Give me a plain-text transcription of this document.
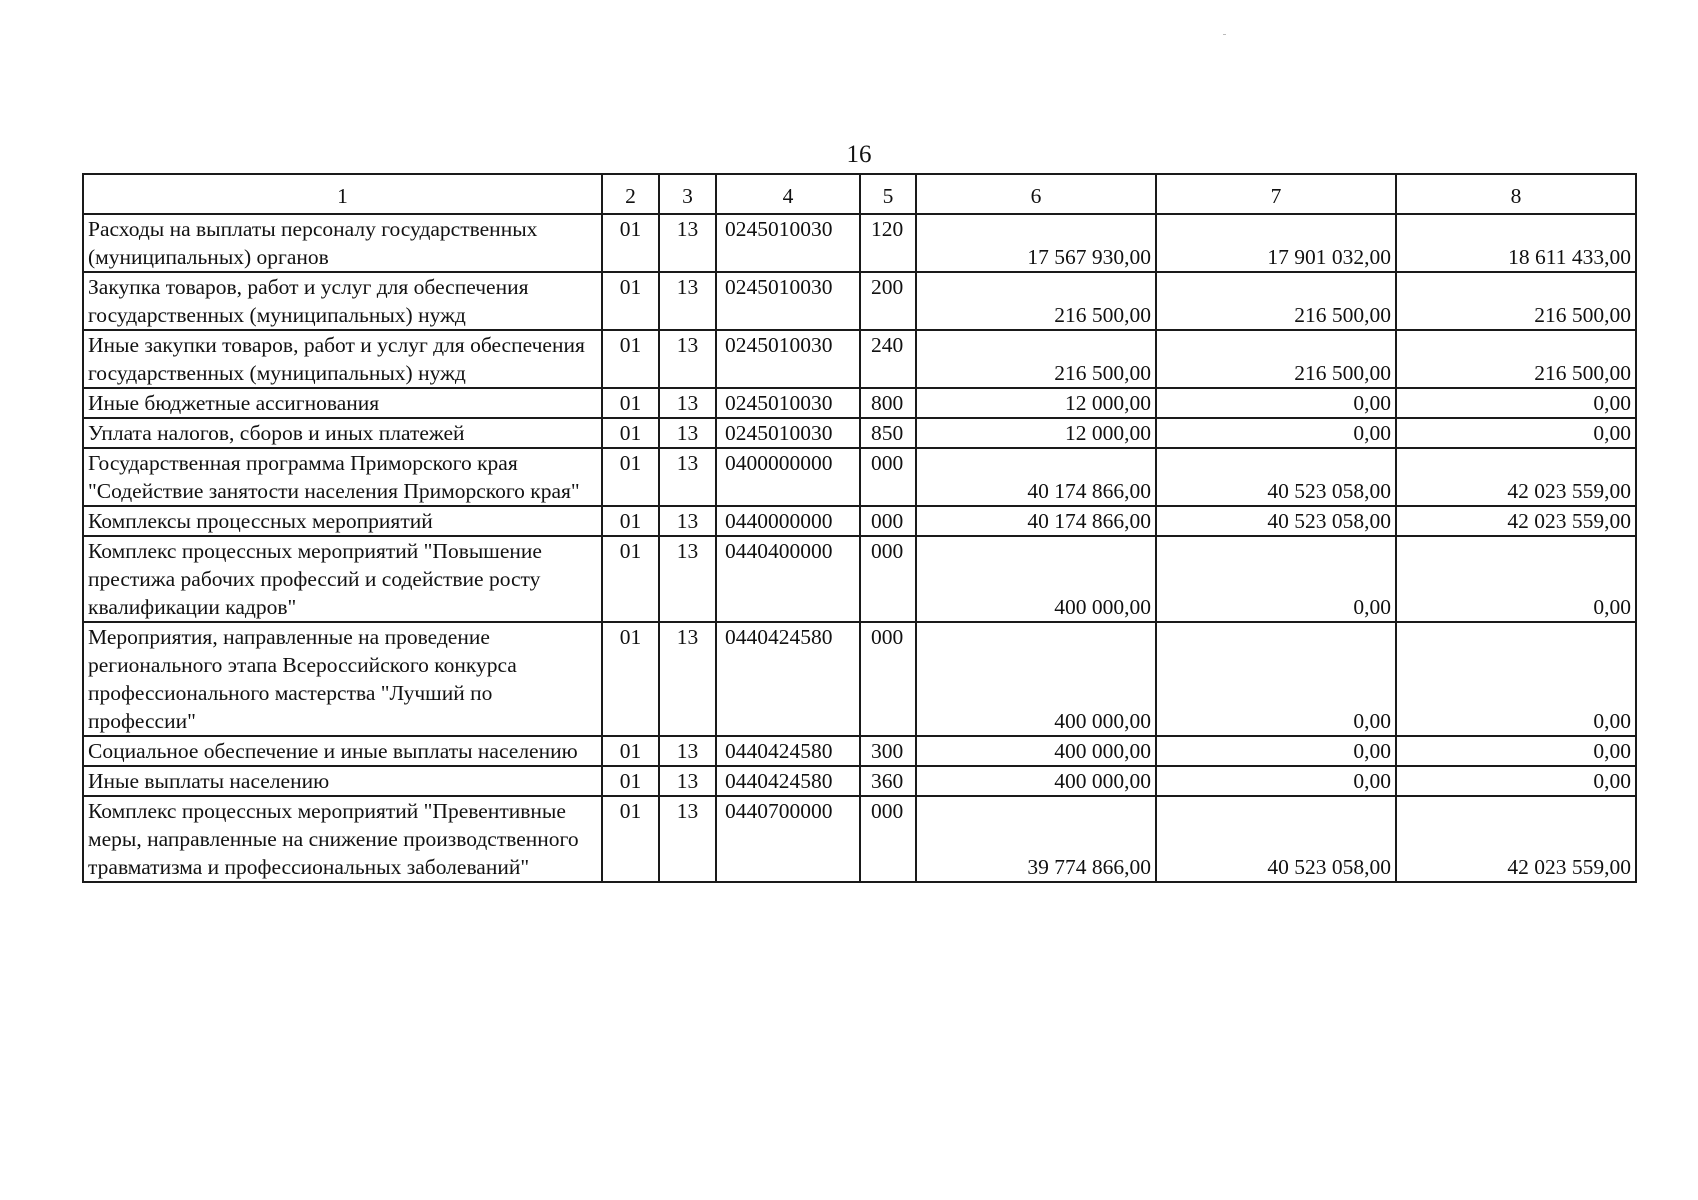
16
1	2	3	4	5	6	7	8
Расходы на выплаты персоналу государственных (муниципальных) органов	01	13	0245010030	120	17 567 930,00	17 901 032,00	18 611 433,00
Закупка товаров, работ и услуг для обеспечения государственных (муниципальных) нужд	01	13	0245010030	200	216 500,00	216 500,00	216 500,00
Иные закупки товаров, работ и услуг для обеспечения государственных (муниципальных) нужд	01	13	0245010030	240	216 500,00	216 500,00	216 500,00
Иные бюджетные ассигнования	01	13	0245010030	800	12 000,00	0,00	0,00
Уплата налогов, сборов и иных платежей	01	13	0245010030	850	12 000,00	0,00	0,00
Государственная программа Приморского края "Содействие занятости населения Приморского края"	01	13	0400000000	000	40 174 866,00	40 523 058,00	42 023 559,00
Комплексы процессных мероприятий	01	13	0440000000	000	40 174 866,00	40 523 058,00	42 023 559,00
Комплекс процессных мероприятий "Повышение престижа рабочих профессий и содействие росту квалификации кадров"	01	13	0440400000	000	400 000,00	0,00	0,00
Мероприятия, направленные на проведение регионального этапа Всероссийского конкурса профессионального мастерства "Лучший по профессии"	01	13	0440424580	000	400 000,00	0,00	0,00
Социальное обеспечение и иные выплаты населению	01	13	0440424580	300	400 000,00	0,00	0,00
Иные выплаты населению	01	13	0440424580	360	400 000,00	0,00	0,00
Комплекс процессных мероприятий "Превентивные меры, направленные на снижение производственного травматизма и профессиональных заболеваний"	01	13	0440700000	000	39 774 866,00	40 523 058,00	42 023 559,00
